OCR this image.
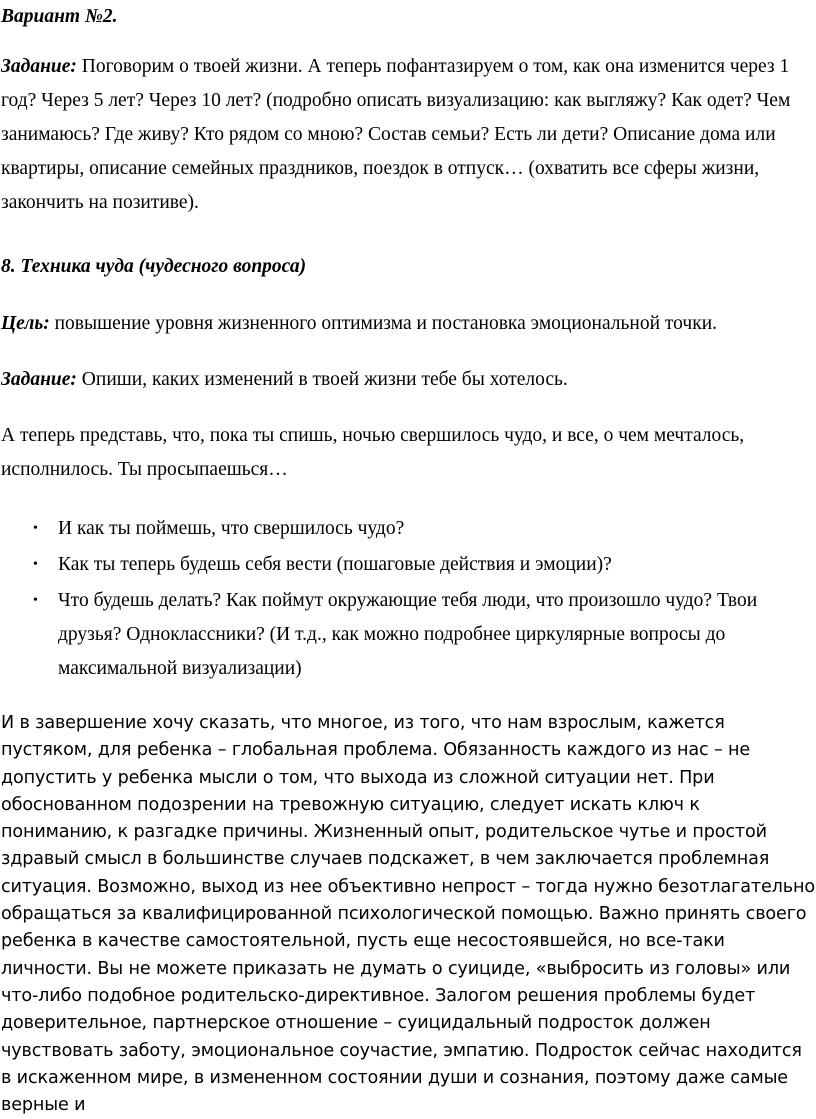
Вариант №2.

Задание: Поговорим о твоей жизни. А теперь пофантазируем о том, как она изменится через 1 год? Через 5 лет? Через 10 лет? (подробно описать визуализацию: как выгляжу? Как одет? Чем занимаюсь? Где живу? Кто рядом со мною? Состав семьи? Есть ли дети? Описание дома или квартиры, описание семейных праздников, поездок в отпуск… (охватить все сферы жизни, закончить на позитиве).

8. Техника чуда (чудесного вопроса)

Цель: повышение уровня жизненного оптимизма и постановка эмоциональной точки.

Задание: Опиши, каких изменений в твоей жизни тебе бы хотелось.

А теперь представь, что, пока ты спишь, ночью свершилось чудо, и все, о чем мечталось, исполнилось. Ты просыпаешься…

• И как ты поймешь, что свершилось чудо?
• Как ты теперь будешь себя вести (пошаговые действия и эмоции)?
• Что будешь делать? Как поймут окружающие тебя люди, что произошло чудо? Твои друзья? Одноклассники? (И т.д., как можно подробнее циркулярные вопросы до максимальной визуализации)

И в завершение хочу сказать, что многое, из того, что нам взрослым, кажется пустяком, для ребенка – глобальная проблема. Обязанность каждого из нас – не допустить у ребенка мысли о том, что выхода из сложной ситуации нет. При обоснованном подозрении на тревожную ситуацию, следует искать ключ к пониманию, к разгадке причины. Жизненный опыт, родительское чутье и простой здравый смысл в большинстве случаев подскажет, в чем заключается проблемная ситуация. Возможно, выход из нее объективно непрост – тогда нужно безотлагательно обращаться за квалифицированной психологической помощью. Важно принять своего ребенка в качестве самостоятельной, пусть еще несостоявшейся, но все-таки личности. Вы не можете приказать не думать о суициде, «выбросить из головы» или что-либо подобное родительско-директивное. Залогом решения проблемы будет доверительное, партнерское отношение – суицидальный подросток должен чувствовать заботу, эмоциональное соучастие, эмпатию. Подросток сейчас находится в искаженном мире, в измененном состоянии души и сознания, поэтому даже самые верные и
